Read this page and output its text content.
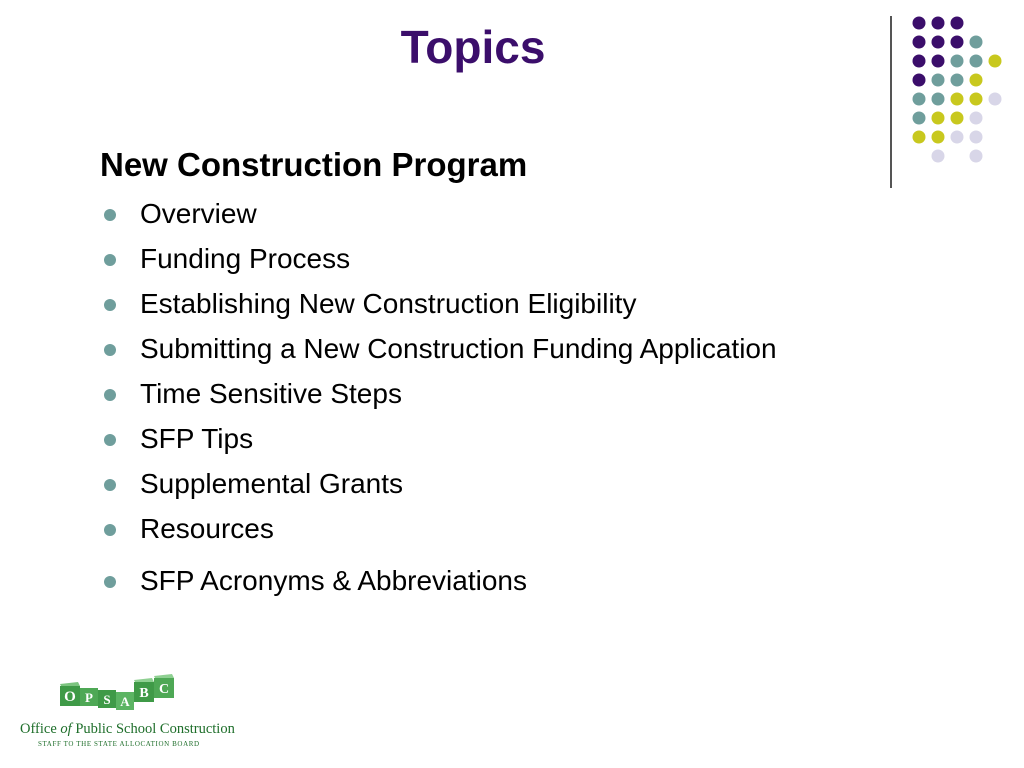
Topics
New Construction Program
Overview
Funding Process
Establishing New Construction Eligibility
Submitting a New Construction Funding Application
Time Sensitive Steps
SFP Tips
Supplemental Grants
Resources
SFP Acronyms & Abbreviations
O P S A
B C
Office of Public School Construction
STAFF TO THE STATE ALLOCATION BOARD
